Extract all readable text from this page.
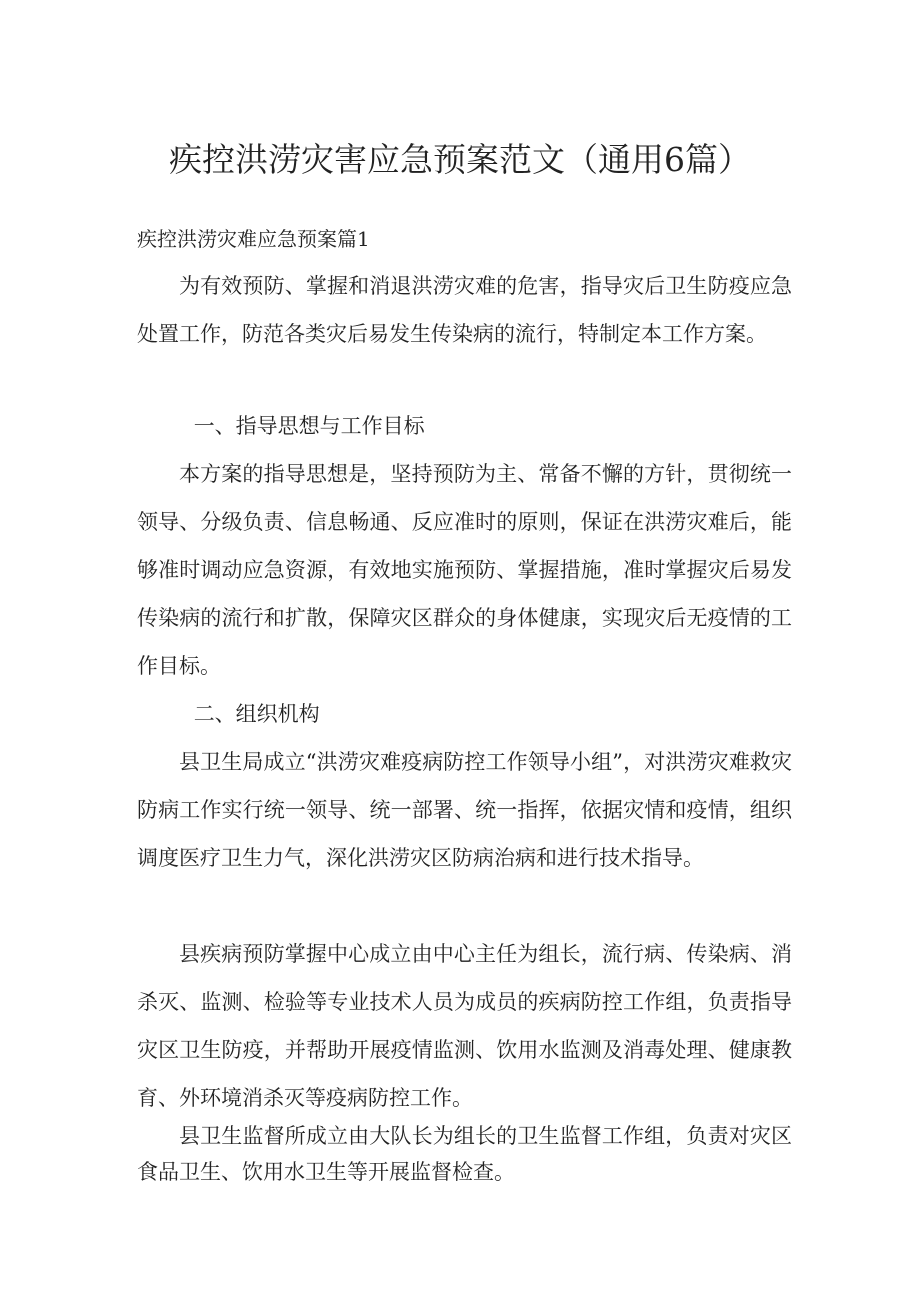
疾控洪涝灾害应急预案范文（通用6篇）
疾控洪涝灾难应急预案篇1

为有效预防、掌握和消退洪涝灾难的危害，指导灾后卫生防疫应急处置工作，防范各类灾后易发生传染病的流行，特制定本工作方案。

一、指导思想与工作目标

本方案的指导思想是，坚持预防为主、常备不懈的方针，贯彻统一领导、分级负责、信息畅通、反应准时的原则，保证在洪涝灾难后，能够准时调动应急资源，有效地实施预防、掌握措施，准时掌握灾后易发传染病的流行和扩散，保障灾区群众的身体健康，实现灾后无疫情的工作目标。

二、组织机构

县卫生局成立“洪涝灾难疫病防控工作领导小组”，对洪涝灾难救灾防病工作实行统一领导、统一部署、统一指挥，依据灾情和疫情，组织调度医疗卫生力气，深化洪涝灾区防病治病和进行技术指导。

县疾病预防掌握中心成立由中心主任为组长，流行病、传染病、消杀灭、监测、检验等专业技术人员为成员的疾病防控工作组，负责指导灾区卫生防疫，并帮助开展疫情监测、饮用水监测及消毒处理、健康教育、外环境消杀灭等疫病防控工作。

县卫生监督所成立由大队长为组长的卫生监督工作组，负责对灾区食品卫生、饮用水卫生等开展监督检查。
